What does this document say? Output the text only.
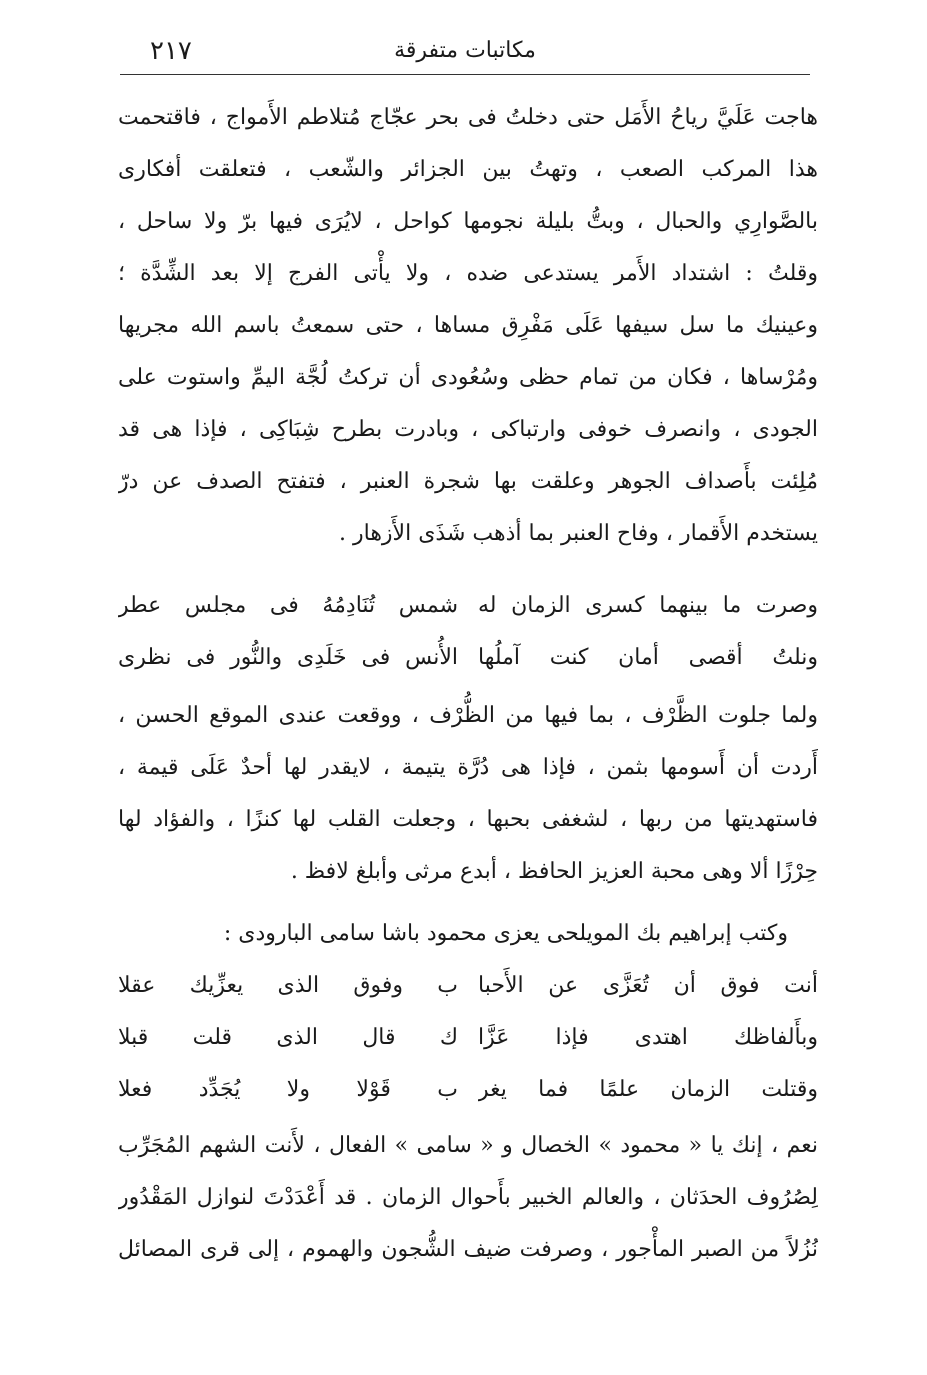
٢١٧	مكاتبات متفرقة
هاجت عَلَيَّ رياحُ الأَمَل حتى دخلتُ فى بحر عجّاج مُتلاطم الأَمواج ، فاقتحمت
هذا المركب الصعب ، وتهتُ بين الجزائر والشّعب ، فتعلقت أفكارى
بالصَّوارِي والحبال ، وبتُّ بليلة نجومها كواحل ، لايُرَى فيها برّ ولا ساحل ،
وقلتُ : اشتداد الأَمر يستدعى ضده ، ولا يأْتى الفرج إلا بعد الشِّدَّة ؛
وعينيك ما سل سيفها عَلَى مَفْرِق مساها ، حتى سمعتُ باسم الله مجريها
ومُرْساها ، فكان من تمام حظى وسُعُودى أن تركتُ لُجَّة اليمِّ واستوت على
الجودى ، وانصرف خوفى وارتباكى ، وبادرت بطرح شِبَاكِى ، فإذا هى قد
مُلِئت بأَصداف الجوهر وعلقت بها شجرة العنبر ، فتفتح الصدف عن درّ
يستخدم الأَقمار ، وفاح العنبر بما أذهب شَذَى الأَزهار .
وصرت ما بينهما كسرى الزمان له
شمس تُنَادِمُهُ فى مجلس عطر
ونلتُ أقصى أمان كنت آملُها
الأُنس فى خَلَدِى والنُّور فى نظرى
ولما جلوت الظَّرْف ، بما فيها من الظُّرْف ، ووقعت عندى الموقع الحسن ،
أَردت أن أَسومها بثمن ، فإذا هى دُرَّة يتيمة ، لايقدر لها أحدٌ عَلَى قيمة ،
فاستهديتها من ربها ، لشغفى بحبها ، وجعلت القلب لها كنزًا ، والفؤاد لها
حِرْزًا ألا وهى محبة العزيز الحافظ ، أبدع مرثى وأبلغ لافظ .
وكتب إبراهيم بك المويلحى يعزى محمود باشا سامى البارودى :
أنت فوق أن تُعَزَّى عن الأَحبا
ب وفوق الذى يعزِّيك عقلا
وبأَلفاظك اهتدى فإذا عَزَّا
ك قال الذى قلت قبلا
وقتلت الزمان علمًا فما يغر
ب قَوْلا ولا يُجَدِّد فعلا
نعم ، إنك يا « محمود » الخصال و « سامى » الفعال ، لأَنت الشهم المُجَرِّب
لِصُرُوف الحدَثان ، والعالم الخبير بأَحوال الزمان . قد أَعْدَدْتَ لنوازل المَقْدُور
نُزُلاً من الصبر المأْجور ، وصرفت ضيف الشُّجون والهموم ، إلى قرى المصائل
